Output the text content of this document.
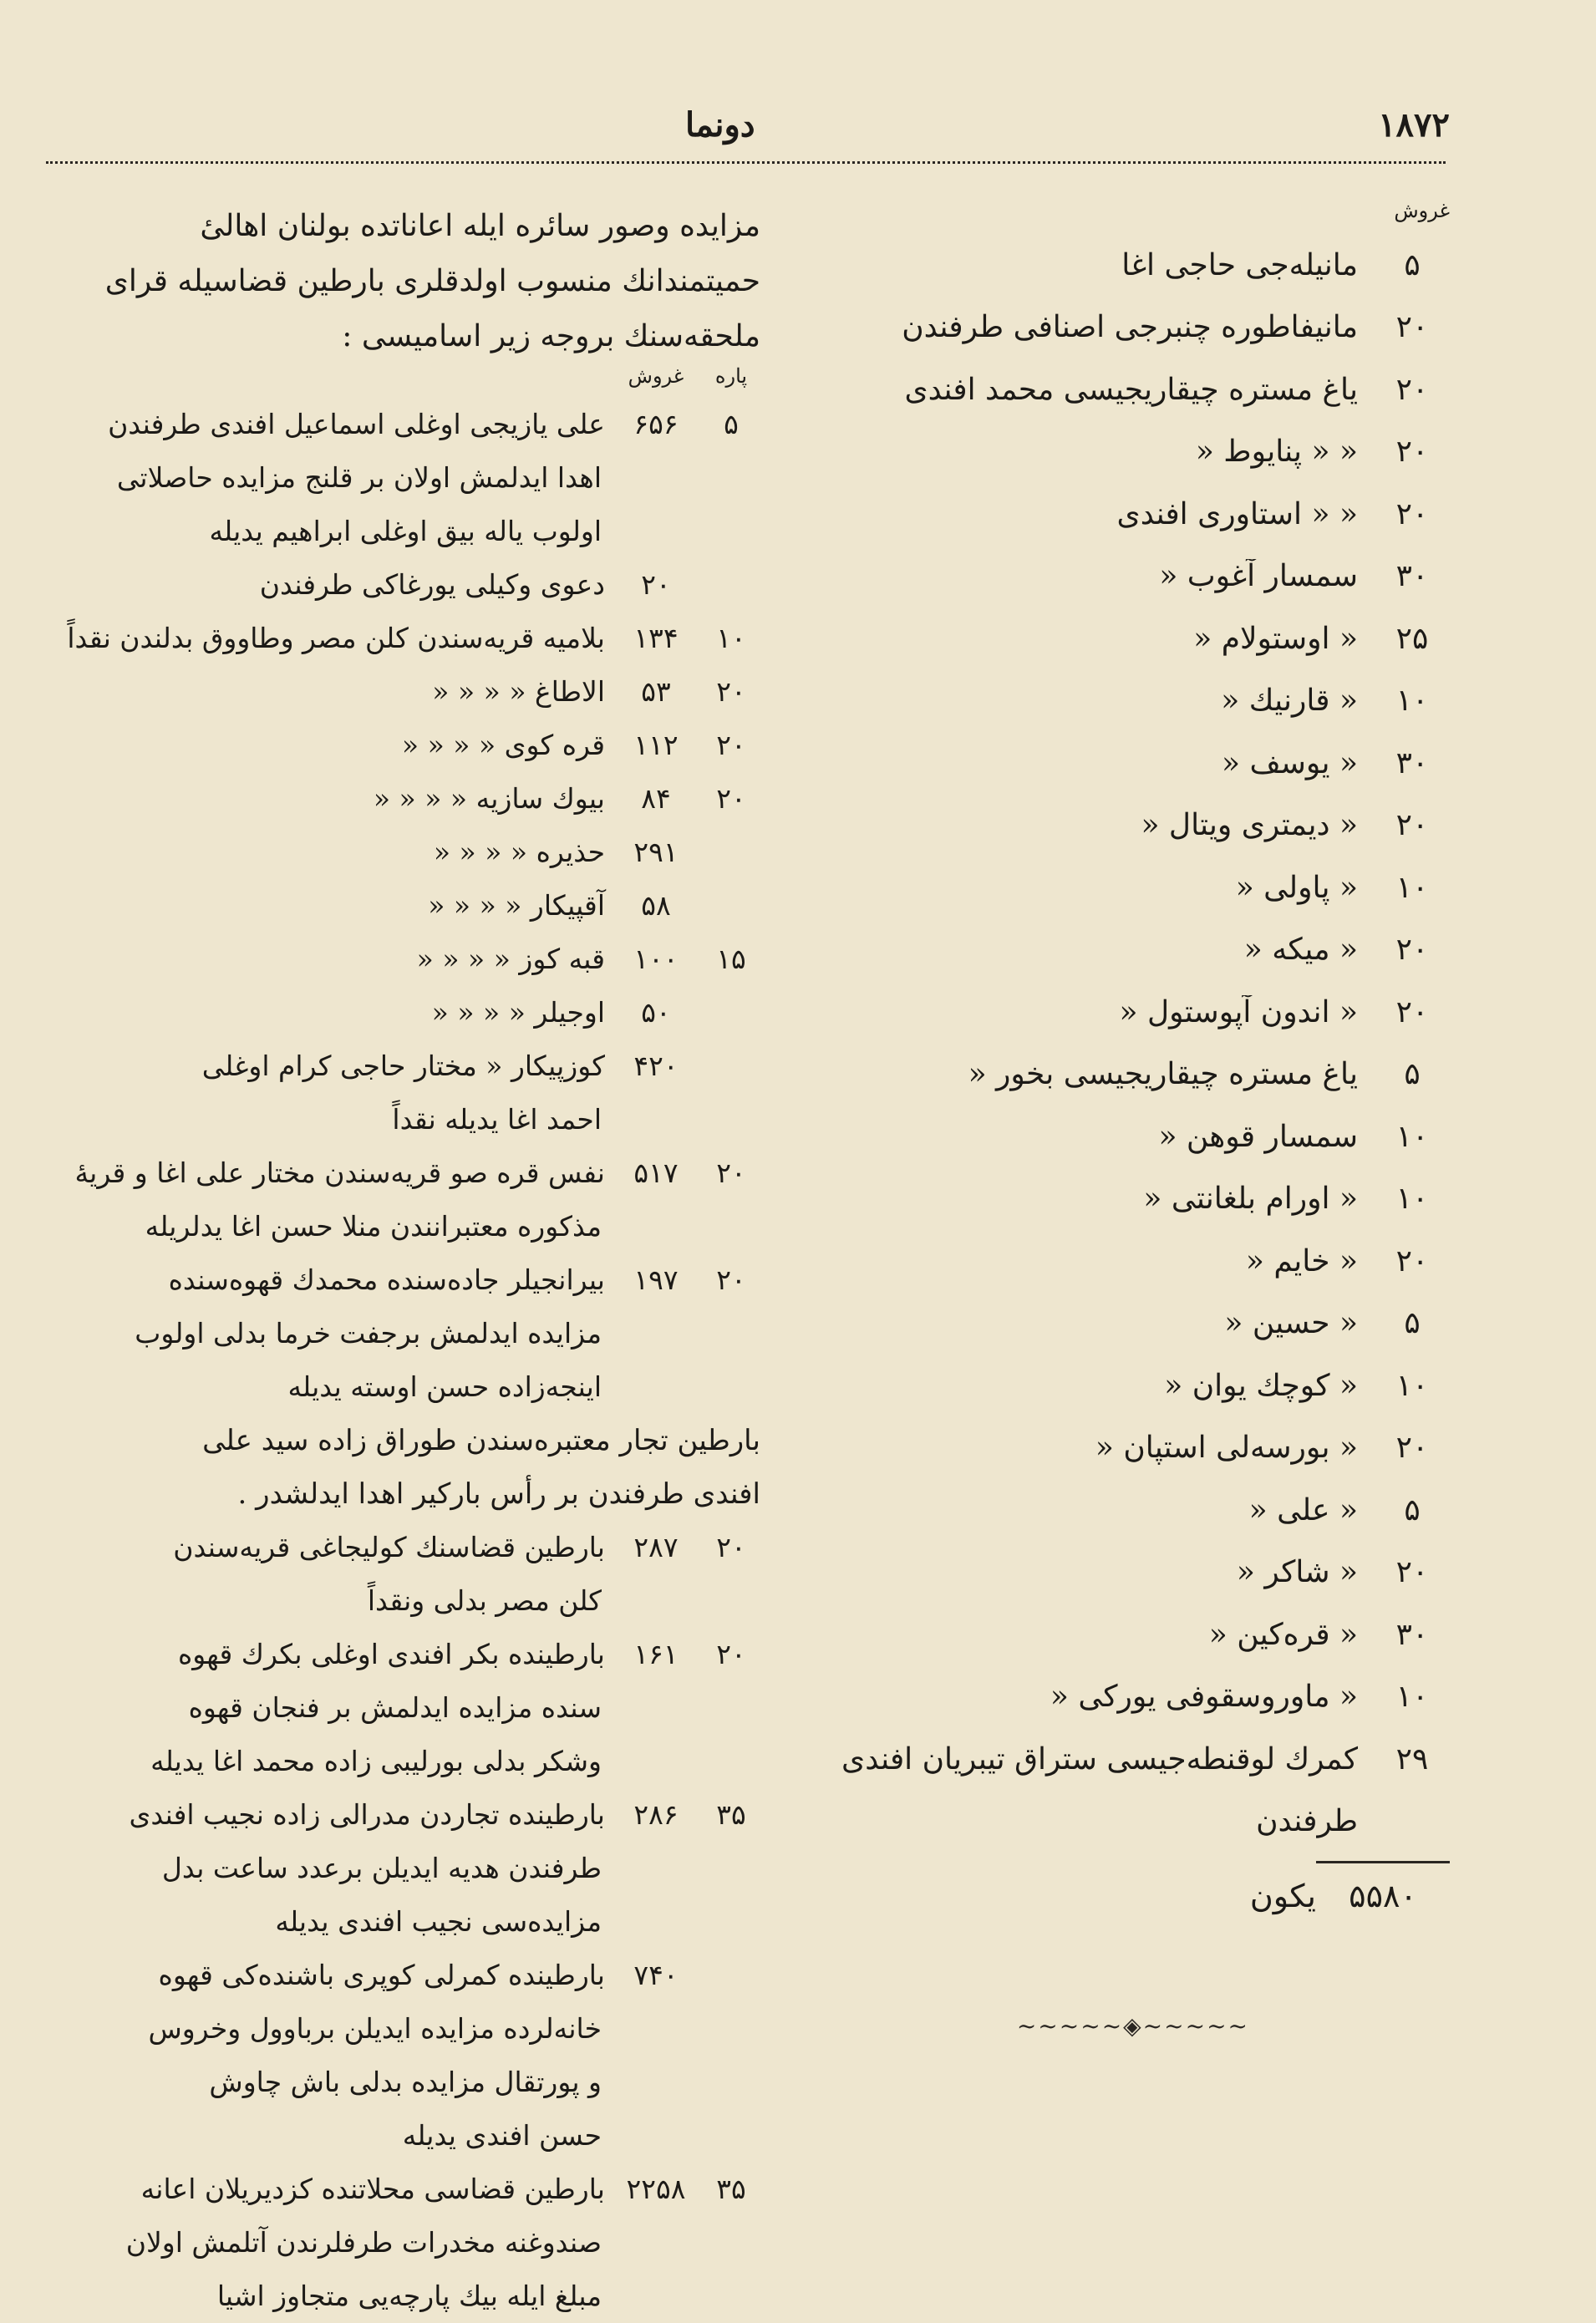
دونما	۱۸۷۲
غروش
۵
مانیله‌جی حاجی اغا
۲۰
مانیفاطوره چنبرجی اصنافی طرفندن
۲۰
یاغ مستره چیقاریجیسی محمد افندی
۲۰
« « پنایوط «
۲۰
« « استاوری افندی
۳۰
سمسار آغوب «
۲۵
« اوستولام «
۱۰
« قارنیك «
۳۰
« یوسف «
۲۰
« دیمتری ویتال «
۱۰
« پاولی «
۲۰
« میکه «
۲۰
« اندون آپوستول «
۵
یاغ مستره چیقاریجیسی بخور «
۱۰
سمسار قوهن «
۱۰
« اورام بلغانتی «
۲۰
« خایم «
۵
« حسین «
۱۰
« کوچك یوان «
۲۰
« بورسه‌لی استپان «
۵
« علی «
۲۰
« شاکر «
۳۰
« قره‌کین «
۱۰
« ماوروسقوفی یورکی «
۲۹
کمرك لوقنطه‌جیسی ستراق تیبریان افندی
طرفندن
۵۵۸۰
یکون
~~~~~◈~~~~~
مزایده وصور سائره ایله اعاناتده بولنان اهالیٔ
حمیتمندانك منسوب اولدقلری بارطین قضاسیله قرای
ملحقه‌سنك بروجه زیر اسامیسی :
پاره
غروش
۵
۶۵۶
علی یازیجی اوغلی اسماعیل افندی طرفندن
اهدا ایدلمش اولان بر قلنج مزایده حاصلاتی
اولوب یاله بیق اوغلی ابراهیم یدیله
۲۰
دعوی وکیلی یورغاکی طرفندن
۱۰
۱۳۴
بلامیه قریه‌سندن کلن مصر وطاووق بدلندن نقداً
۲۰
۵۳
الاطاغ « « « «
۲۰
۱۱۲
قره کوی « « « «
۲۰
۸۴
بیوك سازیه « « « «
۲۹۱
حذیره « « « «
۵۸
آقپیکار « « « «
۱۵
۱۰۰
قبه کوز « « « «
۵۰
اوجیلر « « « «
۴۲۰
کوزپیکار « مختار حاجی کرام اوغلی
احمد اغا یدیله نقداً
۲۰
۵۱۷
نفس قره صو قریه‌سندن مختار علی اغا و قریهٔ
مذکوره معتبرانندن منلا حسن اغا یدلریله
۲۰
۱۹۷
بیرانجیلر جاده‌سنده محمدك قهوه‌سنده
مزایده ایدلمش برجفت خرما بدلی اولوب
اینجه‌زاده حسن اوسته یدیله
بارطین تجار معتبره‌سندن طوراق زاده سید علی
افندی طرفندن بر رأس بارکیر اهدا ایدلشدر .
۲۰
۲۸۷
بارطین قضاسنك کولیجاغی قریه‌سندن
کلن مصر بدلی ونقداً
۲۰
۱۶۱
بارطینده بکر افندی اوغلی بکرك قهوه‌
سنده مزایده ایدلمش بر فنجان قهوه
وشکر بدلی بورلیبی زاده محمد اغا یدیله
۳۵
۲۸۶
بارطینده تجاردن مدرالی زاده نجیب افندی
طرفندن هدیه ایدیلن برعدد ساعت بدل
مزایده‌سی نجیب افندی یدیله
۷۴۰
بارطینده کمرلی کوپری باشنده‌کی قهوه‌
خانه‌لرده مزایده ایدیلن برباوول وخروس
و پورتقال مزایده بدلی باش چاوش
حسن افندی یدیله
۳۵
۲۲۵۸
بارطین قضاسی محلاتنده کزدیریلان اعانه
صندوغنه مخدرات طرفلرندن آتلمش اولان
مبلغ ایله بیك پارچه‌یی متجاوز اشیا
